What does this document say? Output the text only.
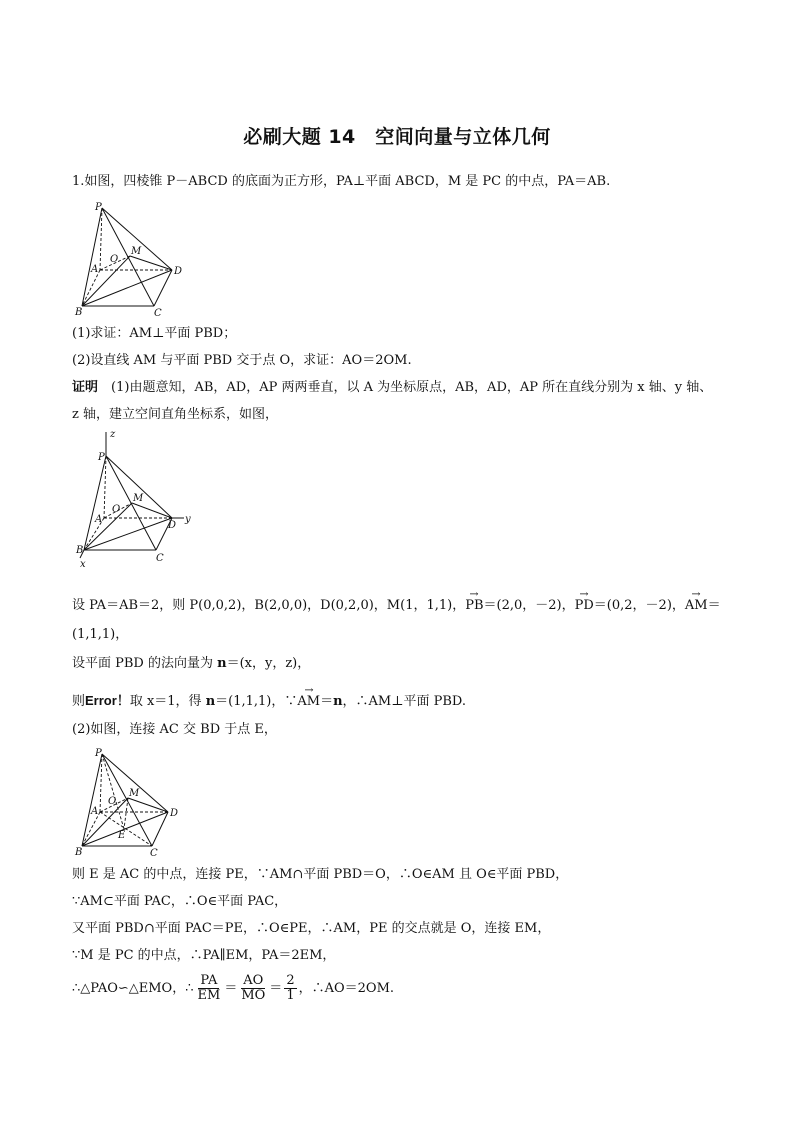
必刷大题 14　空间向量与立体几何
1.如图，四棱锥 P－ABCD 的底面为正方形，PA⊥平面 ABCD，M 是 PC 的中点，PA＝AB.
P
A
B	C
D
M
O
(1)求证：AM⊥平面 PBD；
(2)设直线 AM 与平面 PBD 交于点 O，求证：AO＝2OM.
证明　 (1)由题意知，AB，AD，AP 两两垂直，以 A 为坐标原点，AB，AD，AP 所在直线分别为 x 轴、y 轴、
z 轴，建立空间直角坐标系，如图，
z
y
x
P
A
B
C
D
M
O
设 PA＝AB＝2，则 P(0,0,2)，B(2,0,0)，D(0,2,0)，M(1，1,1)，→ PB＝(2,0，－2)，→ PD＝(0,2，－2)，→ AM＝
(1,1,1)，
设平面 PBD 的法向量为 n＝(x，y，z)，
则Error！取 x＝1，得 n＝(1,1,1)，∵→ AM＝n，∴AM⊥平面 PBD.
(2)如图，连接 AC 交 BD 于点 E，
P
A
B	C
D
M
O
E
则 E 是 AC 的中点，连接 PE，∵AM∩平面 PBD＝O，∴O∈AM 且 O∈平面 PBD，
∵AM⊂平面 PAC，∴O∈平面 PAC，
又平面 PBD∩平面 PAC＝PE，∴O∈PE，∴AM，PE 的交点就是 O，连接 EM，
∵M 是 PC 的中点，∴PA∥EM，PA＝2EM，
∴△PAO∽△EMO，∴ $\frac{PA}{EM} = \frac{AO}{MO} = \frac{2}{1}$ ，∴AO＝2OM.
